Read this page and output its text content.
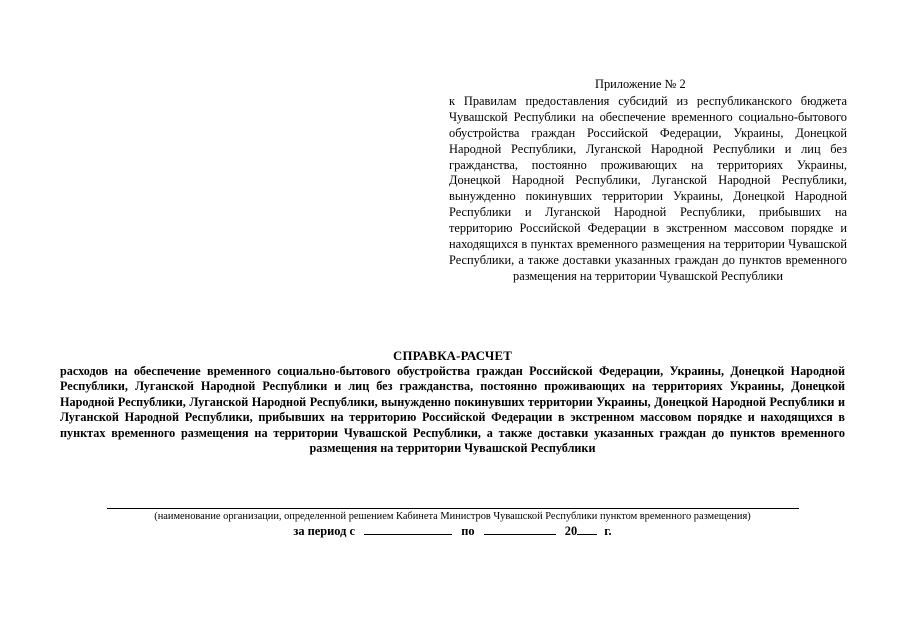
Приложение № 2

к Правилам предоставления субсидий из республиканского бюджета Чувашской Республики на обеспечение временного социально-бытового обустройства граждан Российской Федерации, Украины, Донецкой Народной Республики, Луганской Народной Республики и лиц без гражданства, постоянно проживающих на территориях Украины, Донецкой Народной Республики, Луганской Народной Республики, вынужденно покинувших территории Украины, Донецкой Народной Республики и Луганской Народной Республики, прибывших на территорию Российской Федерации в экстренном массовом порядке и находящихся в пунктах временного размещения на территории Чувашской Республики, а также доставки указанных граждан до пунктов временного размещения на территории Чувашской Республики

СПРАВКА-РАСЧЕТ

расходов на обеспечение временного социально-бытового обустройства граждан Российской Федерации, Украины, Донецкой Народной Республики, Луганской Народной Республики и лиц без гражданства, постоянно проживающих на территориях Украины, Донецкой Народной Республики, Луганской Народной Республики, вынужденно покинувших территории Украины, Донецкой Народной Республики и Луганской Народной Республики, прибывших на территорию Российской Федерации в экстренном массовом порядке и находящихся в пунктах временного размещения на территории Чувашской Республики, а также доставки указанных граждан до пунктов временного размещения на территории Чувашской Республики

(наименование организации, определенной решением Кабинета Министров Чувашской Республики пунктом временного размещения)
за период с	по	20 г.
